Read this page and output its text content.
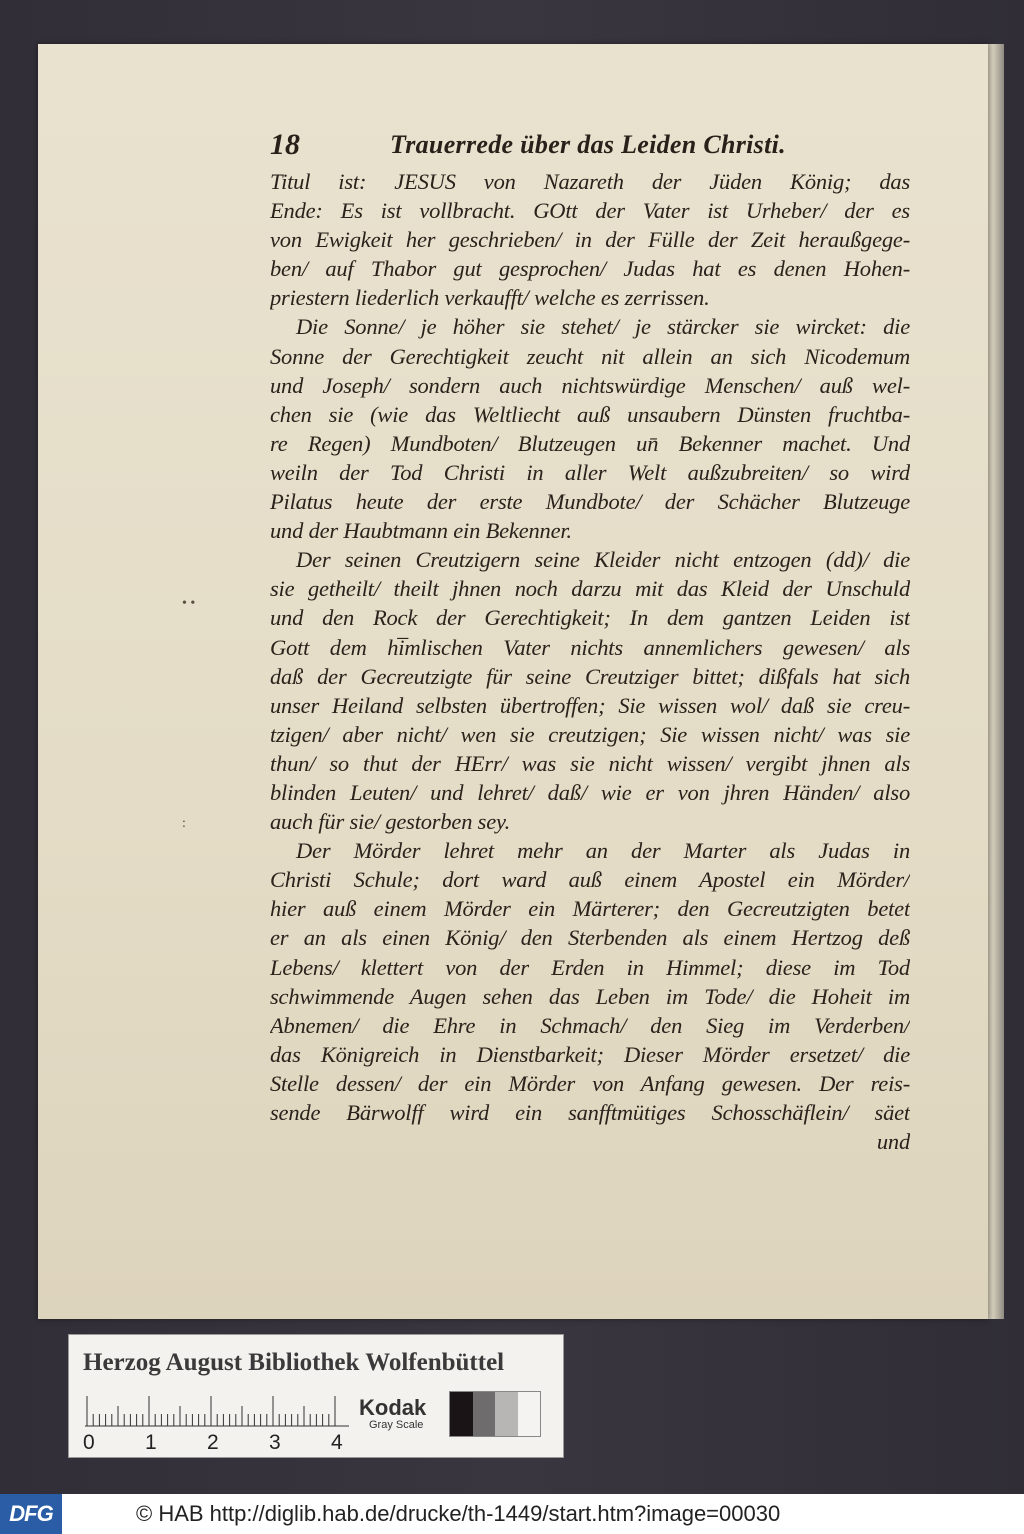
18	Trauerrede über das Leiden Christi.
Titul ist: JESUS von Nazareth der Jüden König; das
Ende: Es ist vollbracht. GOtt der Vater ist Urheber/ der es
von Ewigkeit her geschrieben/ in der Fülle der Zeit heraußgege-
ben/ auf Thabor gut gesprochen/ Judas hat es denen Hohen-
priestern liederlich verkaufft/ welche es zerrissen.
Die Sonne/ je höher sie stehet/ je stärcker sie wircket: die
Sonne der Gerechtigkeit zeucht nit allein an sich Nicodemum
und Joseph/ sondern auch nichtswürdige Menschen/ auß wel-
chen sie (wie das Weltliecht auß unsaubern Dünsten fruchtba-
re Regen) Mundboten/ Blutzeugen un̄ Bekenner machet. Und
weiln der Tod Christi in aller Welt außzubreiten/ so wird
Pilatus heute der erste Mundbote/ der Schächer Blutzeuge
und der Haubtmann ein Bekenner.
Der seinen Creutzigern seine Kleider nicht entzogen (dd)/ die
sie getheilt/ theilt jhnen noch darzu mit das Kleid der Unschuld
und den Rock der Gerechtigkeit; In dem gantzen Leiden ist
Gott dem hi̅mlischen Vater nichts annemlichers gewesen/ als
daß der Gecreutzigte für seine Creutziger bittet; dißfals hat sich
unser Heiland selbsten übertroffen; Sie wissen wol/ daß sie creu-
tzigen/ aber nicht/ wen sie creutzigen; Sie wissen nicht/ was sie
thun/ so thut der HErr/ was sie nicht wissen/ vergibt jhnen als
blinden Leuten/ und lehret/ daß/ wie er von jhren Händen/ also
auch für sie/ gestorben sey.
Der Mörder lehret mehr an der Marter als Judas in
Christi Schule; dort ward auß einem Apostel ein Mörder/
hier auß einem Mörder ein Märterer; den Gecreutzigten betet
er an als einen König/ den Sterbenden als einem Hertzog deß
Lebens/ klettert von der Erden in Himmel; diese im Tod
schwimmende Augen sehen das Leben im Tode/ die Hoheit im
Abnemen/ die Ehre in Schmach/ den Sieg im Verderben/
das Königreich in Dienstbarkeit; Dieser Mörder ersetzet/ die
Stelle dessen/ der ein Mörder von Anfang gewesen. Der reis-
sende Bärwolff wird ein sanfftmütiges Schosschäflein/ säet
und
• •
:
Herzog August Bibliothek Wolfenbüttel
0 1 2 3 4
Kodak
Gray Scale
DFG	© HAB http://diglib.hab.de/drucke/th-1449/start.htm?image=00030
